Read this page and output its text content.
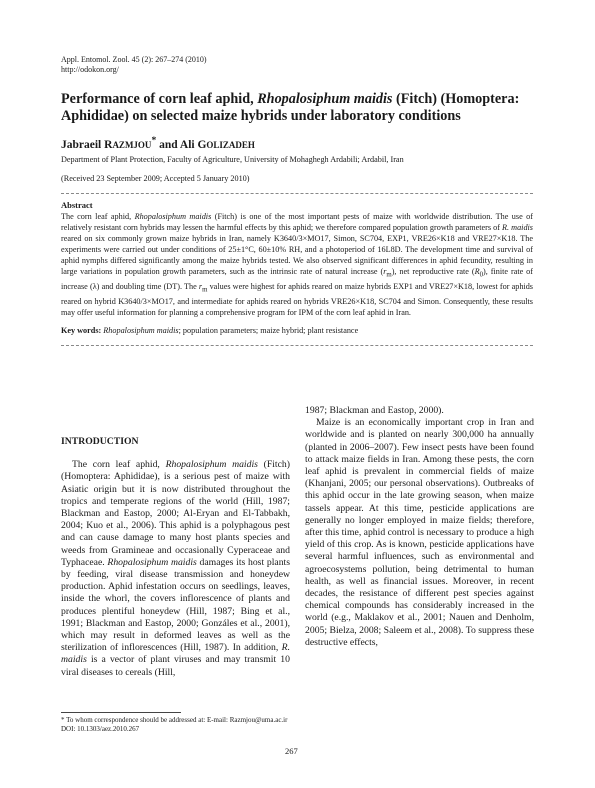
Appl. Entomol. Zool. 45 (2): 267–274 (2010)
http://odokon.org/
Performance of corn leaf aphid, Rhopalosiphum maidis (Fitch) (Homoptera: Aphididae) on selected maize hybrids under laboratory conditions
Jabraeil RAZMJOU* and Ali GOLIZADEH
Department of Plant Protection, Faculty of Agriculture, University of Mohaghegh Ardabili; Ardabil, Iran
(Received 23 September 2009; Accepted 5 January 2010)
Abstract
The corn leaf aphid, Rhopalosiphum maidis (Fitch) is one of the most important pests of maize with worldwide distribution. The use of relatively resistant corn hybrids may lessen the harmful effects by this aphid; we therefore compared population growth parameters of R. maidis reared on six commonly grown maize hybrids in Iran, namely K3640/3×MO17, Simon, SC704, EXP1, VRE26×K18 and VRE27×K18. The experiments were carried out under conditions of 25±1°C, 60±10% RH, and a photoperiod of 16L8D. The development time and survival of aphid nymphs differed significantly among the maize hybrids tested. We also observed significant differences in aphid fecundity, resulting in large variations in population growth parameters, such as the intrinsic rate of natural increase $(r_m)$, net reproductive rate $(R_0)$, finite rate of increase (λ) and doubling time (DT). The $r_m$ values were highest for aphids reared on maize hybrids EXP1 and VRE27×K18, lowest for aphids reared on hybrid K3640/3×MO17, and intermediate for aphids reared on hybrids VRE26×K18, SC704 and Simon. Consequently, these results may offer useful information for planning a comprehensive program for IPM of the corn leaf aphid in Iran.
Key words: Rhopalosiphum maidis; population parameters; maize hybrid; plant resistance
INTRODUCTION

The corn leaf aphid, Rhopalosiphum maidis (Fitch) (Homoptera: Aphididae), is a serious pest of maize with Asiatic origin but it is now distributed throughout the tropics and temperate regions of the world (Hill, 1987; Blackman and Eastop, 2000; Al-Eryan and El-Tabbakh, 2004; Kuo et al., 2006). This aphid is a polyphagous pest and can cause damage to many host plants species and weeds from Gramineae and occasionally Cyperaceae and Typhaceae. Rhopalosiphum maidis damages its host plants by feeding, viral disease transmission and honeydew production. Aphid infestation occurs on seedlings, leaves, inside the whorl, the covers inflorescence of plants and produces plentiful honeydew (Hill, 1987; Bing et al., 1991; Blackman and Eastop, 2000; Gonzáles et al., 2001), which may result in deformed leaves as well as the sterilization of inflorescences (Hill, 1987). In addition, R. maidis is a vector of plant viruses and may transmit 10 viral diseases to cereals (Hill,

1987; Blackman and Eastop, 2000).

Maize is an economically important crop in Iran and worldwide and is planted on nearly 300,000 ha annually (planted in 2006–2007). Few insect pests have been found to attack maize fields in Iran. Among these pests, the corn leaf aphid is prevalent in commercial fields of maize (Khanjani, 2005; our personal observations). Outbreaks of this aphid occur in the late growing season, when maize tassels appear. At this time, pesticide applications are generally no longer employed in maize fields; therefore, after this time, aphid control is necessary to produce a high yield of this crop. As is known, pesticide applications have several harmful influences, such as environmental and agroecosystems pollution, being detrimental to human health, as well as financial issues. Moreover, in recent decades, the resistance of different pest species against chemical compounds has considerably increased in the world (e.g., Maklakov et al., 2001; Nauen and Denholm, 2005; Bielza, 2008; Saleem et al., 2008). To suppress these destructive effects,

* To whom correspondence should be addressed at: E-mail: Razmjou@uma.ac.ir
DOI: 10.1303/aez.2010.267
267
